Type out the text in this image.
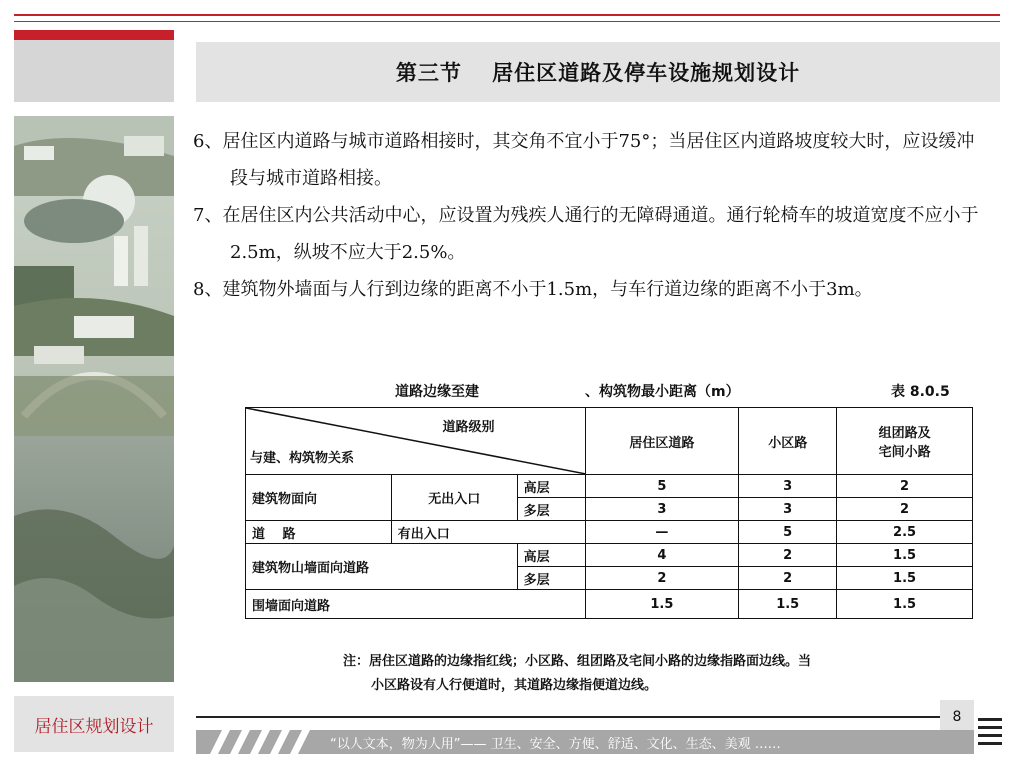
第三节　 居住区道路及停车设施规划设计

6、居住区内道路与城市道路相接时，其交角不宜小于75°；当居住区内道路坡度较大时，应设缓冲段与城市道路相接。

7、在居住区内公共活动中心，应设置为残疾人通行的无障碍通道。通行轮椅车的坡道宽度不应小于2.5m，纵坡不应大于2.5%。

8、建筑物外墙面与人行到边缘的距离不小于1.5m，与车行道边缘的距离不小于3m。

道路边缘至建	、构筑物最小距离（m）	表 8.0.5
道路级别
与建、构筑物关系			居住区道路	小区路	组团路及
宅间小路
建筑物面向	无出入口	高层	5	3	2
		多层	3	3	2
道　 路	有出入口		—	5	2.5
建筑物山墙面向道路		高层	4	2	1.5
		多层	2	2	1.5
围墙面向道路			1.5	1.5	1.5
注：居住区道路的边缘指红线；小区路、组团路及宅间小路的边缘指路面边线。当
小区路设有人行便道时，其道路边缘指便道边线。
居住区规划设计	8
“以人文本，物为人用”—— 卫生、安全、方便、舒适、文化、生态、美观 ……
